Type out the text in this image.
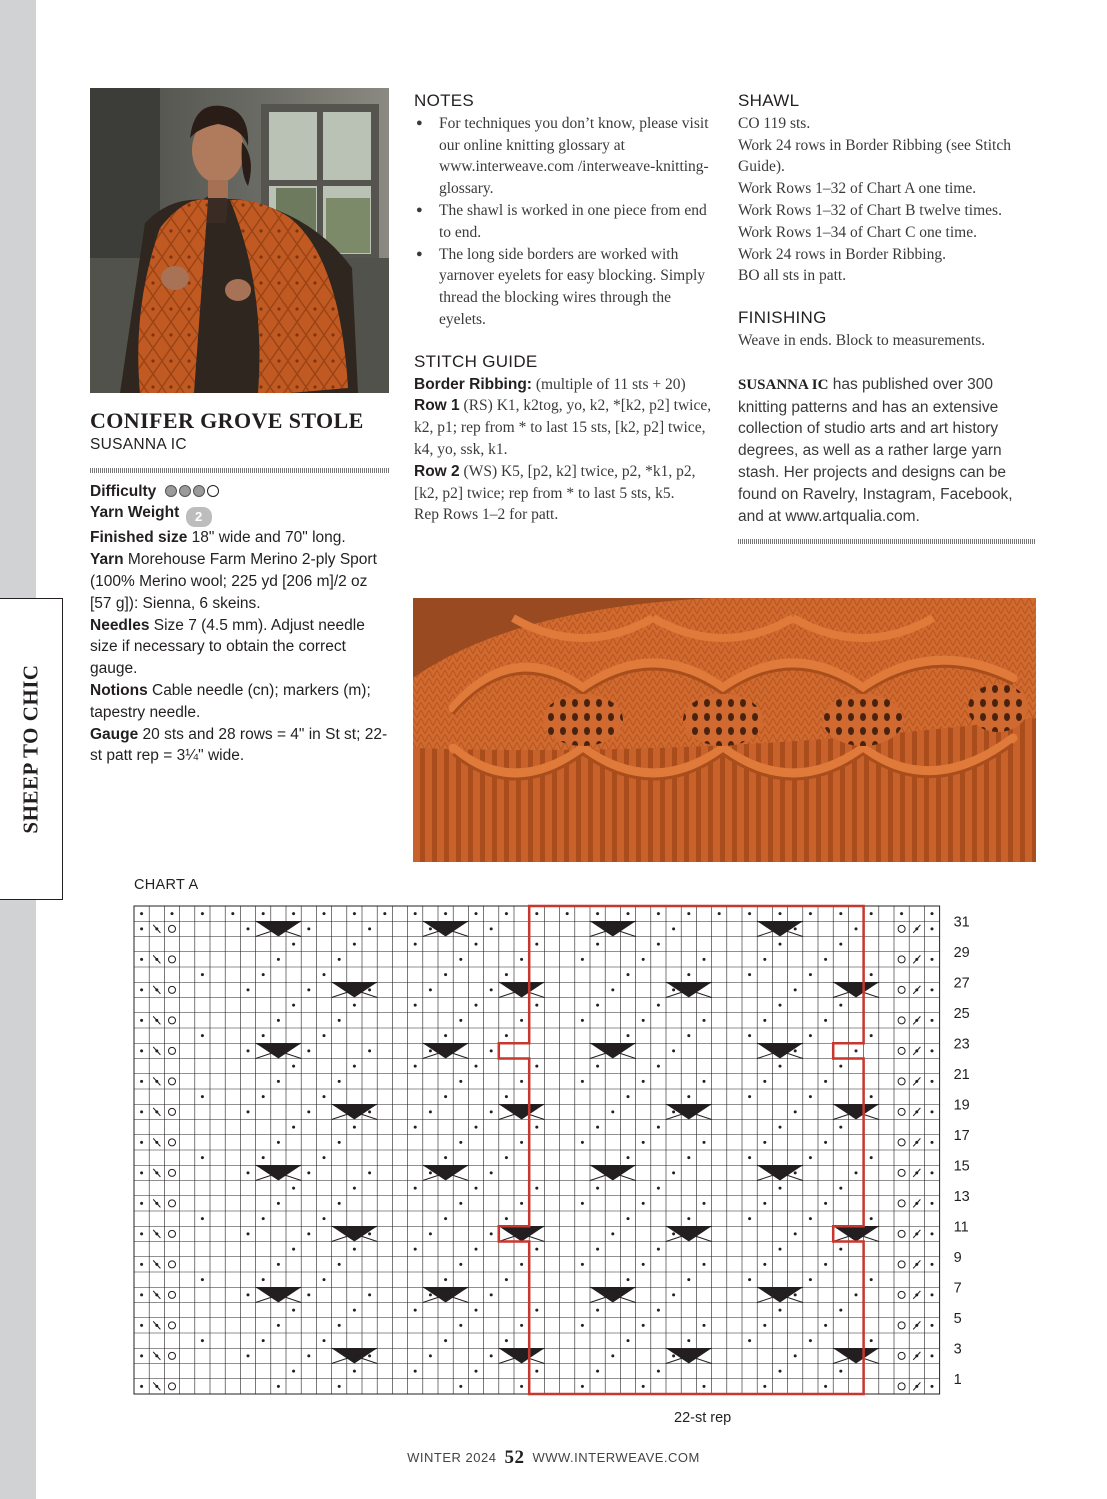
SHEEP TO CHIC
CONIFER GROVE STOLE
SUSANNA IC
Difficulty
Yarn Weight 2
Finished size 18" wide and 70" long.
Yarn Morehouse Farm Merino 2-ply Sport (100% Merino wool; 225 yd [206 m]/2 oz [57 g]): Sienna, 6 skeins.
Needles Size 7 (4.5 mm). Adjust needle size if necessary to obtain the correct gauge.
Notions Cable needle (cn); markers (m); tapestry needle.
Gauge 20 sts and 28 rows = 4" in St st; 22-st patt rep = 3¼" wide.
NOTES
● For techniques you don’t know, please visit our online knitting glossary at www.interweave.com /interweave-knitting-glossary.
● The shawl is worked in one piece from end to end.
● The long side borders are worked with yarnover eyelets for easy blocking. Simply thread the blocking wires through the eyelets.
STITCH GUIDE
Border Ribbing: (multiple of 11 sts + 20)
Row 1 (RS) K1, k2tog, yo, k2, *[k2, p2] twice, k2, p1; rep from * to last 15 sts, [k2, p2] twice, k4, yo, ssk, k1.
Row 2 (WS) K5, [p2, k2] twice, p2, *k1, p2, [k2, p2] twice; rep from * to last 5 sts, k5.
Rep Rows 1–2 for patt.
SHAWL
CO 119 sts.
Work 24 rows in Border Ribbing (see Stitch Guide).
Work Rows 1–32 of Chart A one time.
Work Rows 1–32 of Chart B twelve times.
Work Rows 1–34 of Chart C one time.
Work 24 rows in Border Ribbing.
BO all sts in patt.
FINISHING
Weave in ends. Block to measurements.
SUSANNA IC has published over 300 knitting patterns and has an extensive collection of studio arts and art history degrees, as well as a rather large yarn stash. Her projects and designs can be found on Ravelry, Instagram, Facebook, and at www.artqualia.com.
CHART A
31
29
27
25
23
21
19
17
15
13
11
9
7
5
3
1
22-st rep
WINTER 2024 52 WWW.INTERWEAVE.COM
